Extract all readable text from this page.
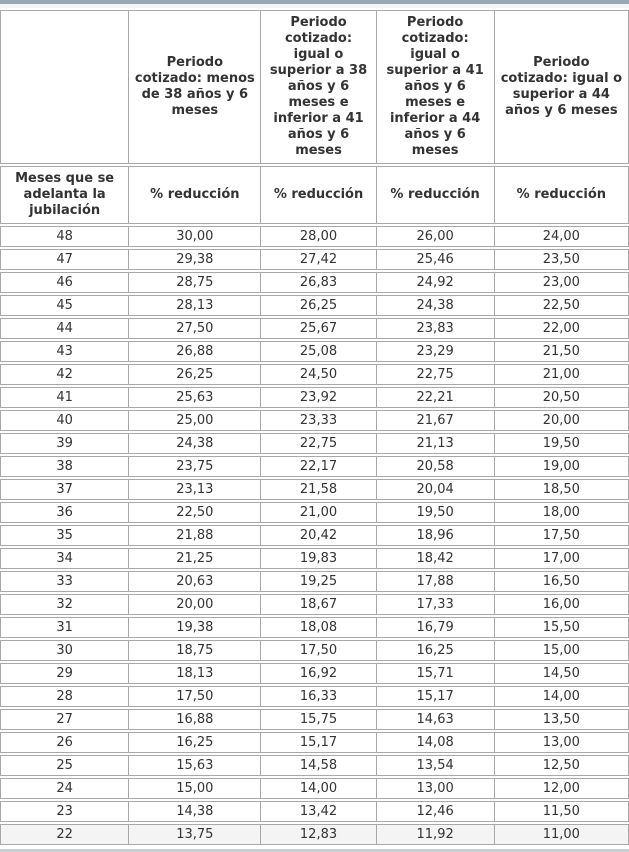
	Periodo cotizado: menos de 38 años y 6 meses	Periodo cotizado: igual o superior a 38 años y 6 meses e inferior a 41 años y 6 meses	Periodo cotizado: igual o superior a 41 años y 6 meses e inferior a 44 años y 6 meses	Periodo cotizado: igual o superior a 44 años y 6 meses
Meses que se adelanta la jubilación	% reducción	% reducción	% reducción	% reducción
48	30,00	28,00	26,00	24,00
47	29,38	27,42	25,46	23,50
46	28,75	26,83	24,92	23,00
45	28,13	26,25	24,38	22,50
44	27,50	25,67	23,83	22,00
43	26,88	25,08	23,29	21,50
42	26,25	24,50	22,75	21,00
41	25,63	23,92	22,21	20,50
40	25,00	23,33	21,67	20,00
39	24,38	22,75	21,13	19,50
38	23,75	22,17	20,58	19,00
37	23,13	21,58	20,04	18,50
36	22,50	21,00	19,50	18,00
35	21,88	20,42	18,96	17,50
34	21,25	19,83	18,42	17,00
33	20,63	19,25	17,88	16,50
32	20,00	18,67	17,33	16,00
31	19,38	18,08	16,79	15,50
30	18,75	17,50	16,25	15,00
29	18,13	16,92	15,71	14,50
28	17,50	16,33	15,17	14,00
27	16,88	15,75	14,63	13,50
26	16,25	15,17	14,08	13,00
25	15,63	14,58	13,54	12,50
24	15,00	14,00	13,00	12,00
23	14,38	13,42	12,46	11,50
22	13,75	12,83	11,92	11,00
